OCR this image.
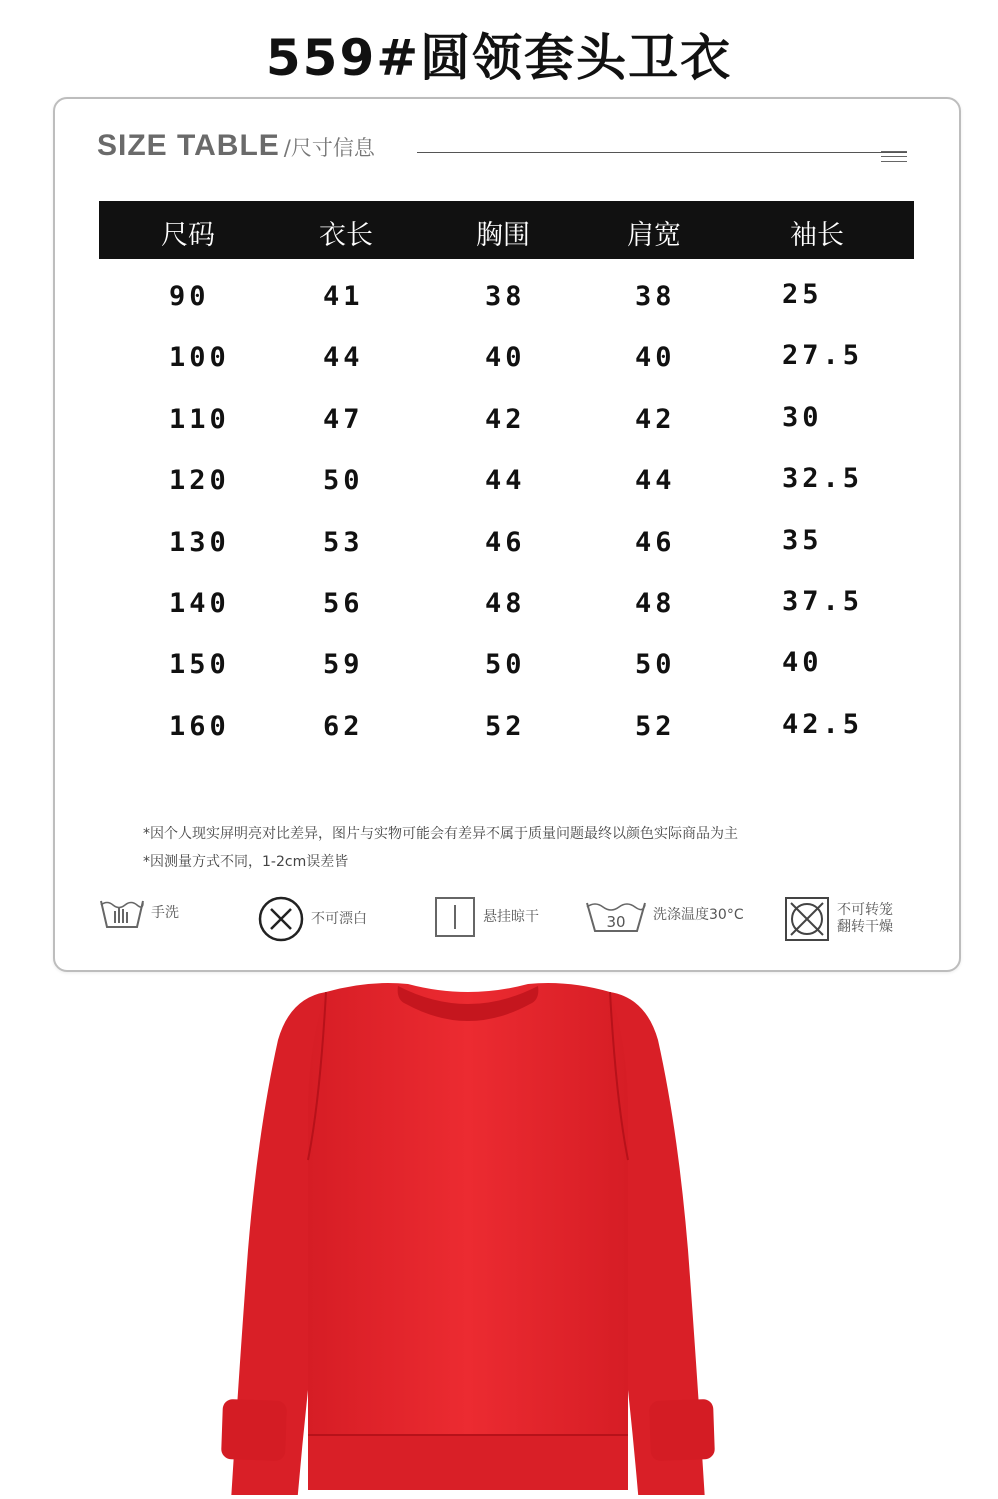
559#圆领套头卫衣
SIZE TABLE /尺寸信息
尺码	衣长	胸围	肩宽	袖长
90	41	38	38	25
100	44	40	40	27.5
110	47	42	42	30
120	50	44	44	32.5
130	53	46	46	35
140	56	48	48	37.5
150	59	50	50	40
160	62	52	52	42.5
*因个人现实屏明亮对比差异，图片与实物可能会有差异不属于质量问题最终以颜色实际商品为主
*因测量方式不同，1-2cm误差皆
手洗	不可漂白	悬挂晾干	30 洗涤温度30°C	不可转笼
翻转干燥
